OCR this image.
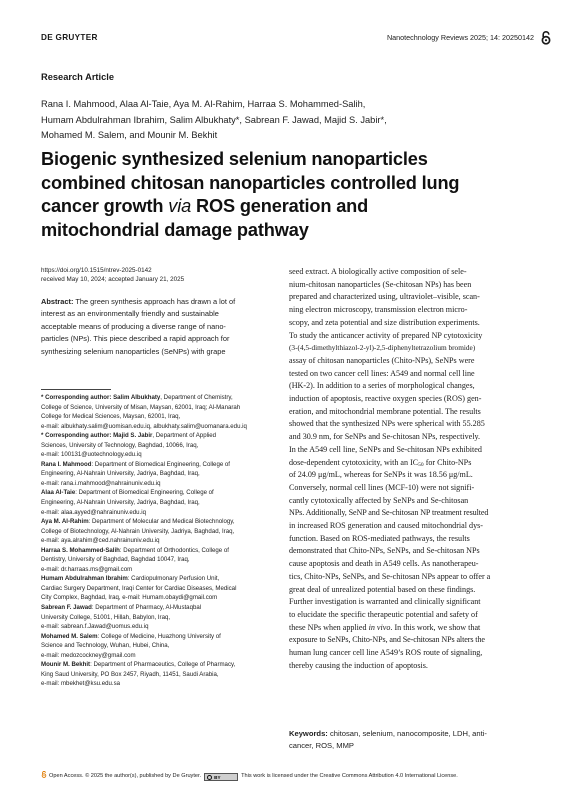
DE GRUYTER	Nanotechnology Reviews 2025; 14: 20250142
Research Article
Rana I. Mahmood, Alaa Al-Taie, Aya M. Al-Rahim, Harraa S. Mohammed-Salih,
Humam Abdulrahman Ibrahim, Salim Albukhaty*, Sabrean F. Jawad, Majid S. Jabir*,
Mohamed M. Salem, and Mounir M. Bekhit
Biogenic synthesized selenium nanoparticles
combined chitosan nanoparticles controlled lung
cancer growth via ROS generation and
mitochondrial damage pathway
https://doi.org/10.1515/ntrev-2025-0142
received May 10, 2024; accepted January 21, 2025
Abstract: The green synthesis approach has drawn a lot of
interest as an environmentally friendly and sustainable
acceptable means of producing a diverse range of nano-
particles (NPs). This piece described a rapid approach for
synthesizing selenium nanoparticles (SeNPs) with grape
* Corresponding author: Salim Albukhaty, Department of Chemistry,
College of Science, University of Misan, Maysan, 62001, Iraq; Al-Manarah
College for Medical Sciences, Maysan, 62001, Iraq,
e-mail: albukhaty.salim@uomisan.edu.iq, albukhaty.salim@uomanara.edu.iq
* Corresponding author: Majid S. Jabir, Department of Applied
Sciences, University of Technology, Baghdad, 10066, Iraq,
e-mail: 100131@uotechnology.edu.iq
Rana I. Mahmood: Department of Biomedical Engineering, College of
Engineering, Al-Nahrain University, Jadriya, Baghdad, Iraq,
e-mail: rana.i.mahmood@nahrainuniv.edu.iq
Alaa Al-Taie: Department of Biomedical Engineering, College of
Engineering, Al-Nahrain University, Jadriya, Baghdad, Iraq,
e-mail: alaa.ayyed@nahrainuniv.edu.iq
Aya M. Al-Rahim: Department of Molecular and Medical Biotechnology,
College of Biotechnology, Al-Nahrain University, Jadriya, Baghdad, Iraq,
e-mail: aya.alrahim@ced.nahrainuniv.edu.iq
Harraa S. Mohammed-Salih: Department of Orthodontics, College of
Dentistry, University of Baghdad, Baghdad 10047, Iraq,
e-mail: dr.harraas.ms@gmail.com
Humam Abdulrahman Ibrahim: Cardiopulmonary Perfusion Unit,
Cardiac Surgery Department, Iraqi Center for Cardiac Diseases, Medical
City Complex, Baghdad, Iraq, e-mail: Humam.obaydi@gmail.com
Sabrean F. Jawad: Department of Pharmacy, Al-Mustaqbal
University College, 51001, Hillah, Babylon, Iraq,
e-mail: sabrean.f.Jawad@uomus.edu.iq
Mohamed M. Salem: College of Medicine, Huazhong University of
Science and Technology, Wuhan, Hubei, China,
e-mail: medozcockney@gmail.com
Mounir M. Bekhit: Department of Pharmaceutics, College of Pharmacy,
King Saud University, PO Box 2457, Riyadh, 11451, Saudi Arabia,
e-mail: mbekhet@ksu.edu.sa
seed extract. A biologically active composition of sele-
nium-chitosan nanoparticles (Se-chitosan NPs) has been
prepared and characterized using, ultraviolet–visible, scan-
ning electron microscopy, transmission electron micro-
scopy, and zeta potential and size distribution experiments.
To study the anticancer activity of prepared NP cytotoxicity
(3-(4,5-dimethylthiazol-2-yl)-2,5-diphenyltetrazolium bromide)
assay of chitosan nanoparticles (Chito-NPs), SeNPs were
tested on two cancer cell lines: A549 and normal cell line
(HK-2). In addition to a series of morphological changes,
induction of apoptosis, reactive oxygen species (ROS) gen-
eration, and mitochondrial membrane potential. The results
showed that the synthesized NPs were spherical with 55.285
and 30.9 nm, for SeNPs and Se-chitosan NPs, respectively.
In the A549 cell line, SeNPs and Se-chitosan NPs exhibited
dose-dependent cytotoxicity, with an $IC_{50}$ for Chito-NPs
of 24.09 μg/mL, whereas for SeNPs it was 18.56 μg/mL.
Conversely, normal cell lines (MCF-10) were not signifi-
cantly cytotoxically affected by SeNPs and Se-chitosan
NPs. Additionally, SeNP and Se-chitosan NP treatment resulted
in increased ROS generation and caused mitochondrial dys-
function. Based on ROS-mediated pathways, the results
demonstrated that Chito-NPs, SeNPs, and Se-chitosan NPs
cause apoptosis and death in A549 cells. As nanotherapeu-
tics, Chito-NPs, SeNPs, and Se-chitosan NPs appear to offer a
great deal of unrealized potential based on these findings.
Further investigation is warranted and clinically significant
to elucidate the specific therapeutic potential and safety of
these NPs when applied in vivo. In this work, we show that
exposure to SeNPs, Chito-NPs, and Se-chitosan NPs alters the
human lung cancer cell line A549’s ROS route of signaling,
thereby causing the induction of apoptosis.
Keywords: chitosan, selenium, nanocomposite, LDH, anti-
cancer, ROS, MMP
Open Access. © 2025 the author(s), published by De Gruyter.	BY	This work is licensed under the Creative Commons Attribution 4.0 International License.
